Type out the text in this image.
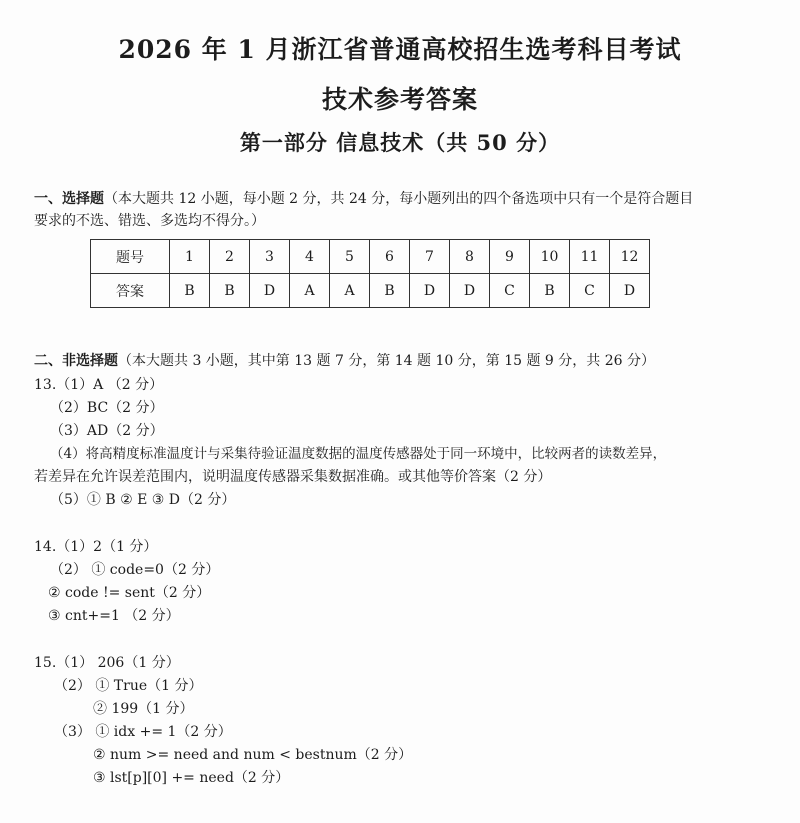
2026 年 1 月浙江省普通高校招生选考科目考试
技术参考答案
第一部分 信息技术（共 50 分）
一、选择题（本大题共 12 小题，每小题 2 分，共 24 分，每小题列出的四个备选项中只有一个是符合题目
要求的不选、错选、多选均不得分。）
题号	1	2	3	4	5	6	7	8	9	10	11	12
答案	B	B	D	A	A	B	D	D	C	B	C	D
二、非选择题（本大题共 3 小题，其中第 13 题 7 分，第 14 题 10 分，第 15 题 9 分，共 26 分）
13.（1）A （2 分）
（2）BC（2 分）
（3）AD（2 分）
（4）将高精度标准温度计与采集待验证温度数据的温度传感器处于同一环境中，比较两者的读数差异，
若差异在允许误差范围内，说明温度传感器采集数据准确。或其他等价答案（2 分）
（5）① B ② E ③ D（2 分）
14.（1）2（1 分）
（2） ① code=0（2 分）
② code != sent（2 分）
③ cnt+=1 （2 分）
15.（1） 206（1 分）
（2） ① True（1 分）
② 199（1 分）
（3） ① idx += 1（2 分）
② num >= need and num < bestnum（2 分）
③ lst[p][0] += need（2 分）
